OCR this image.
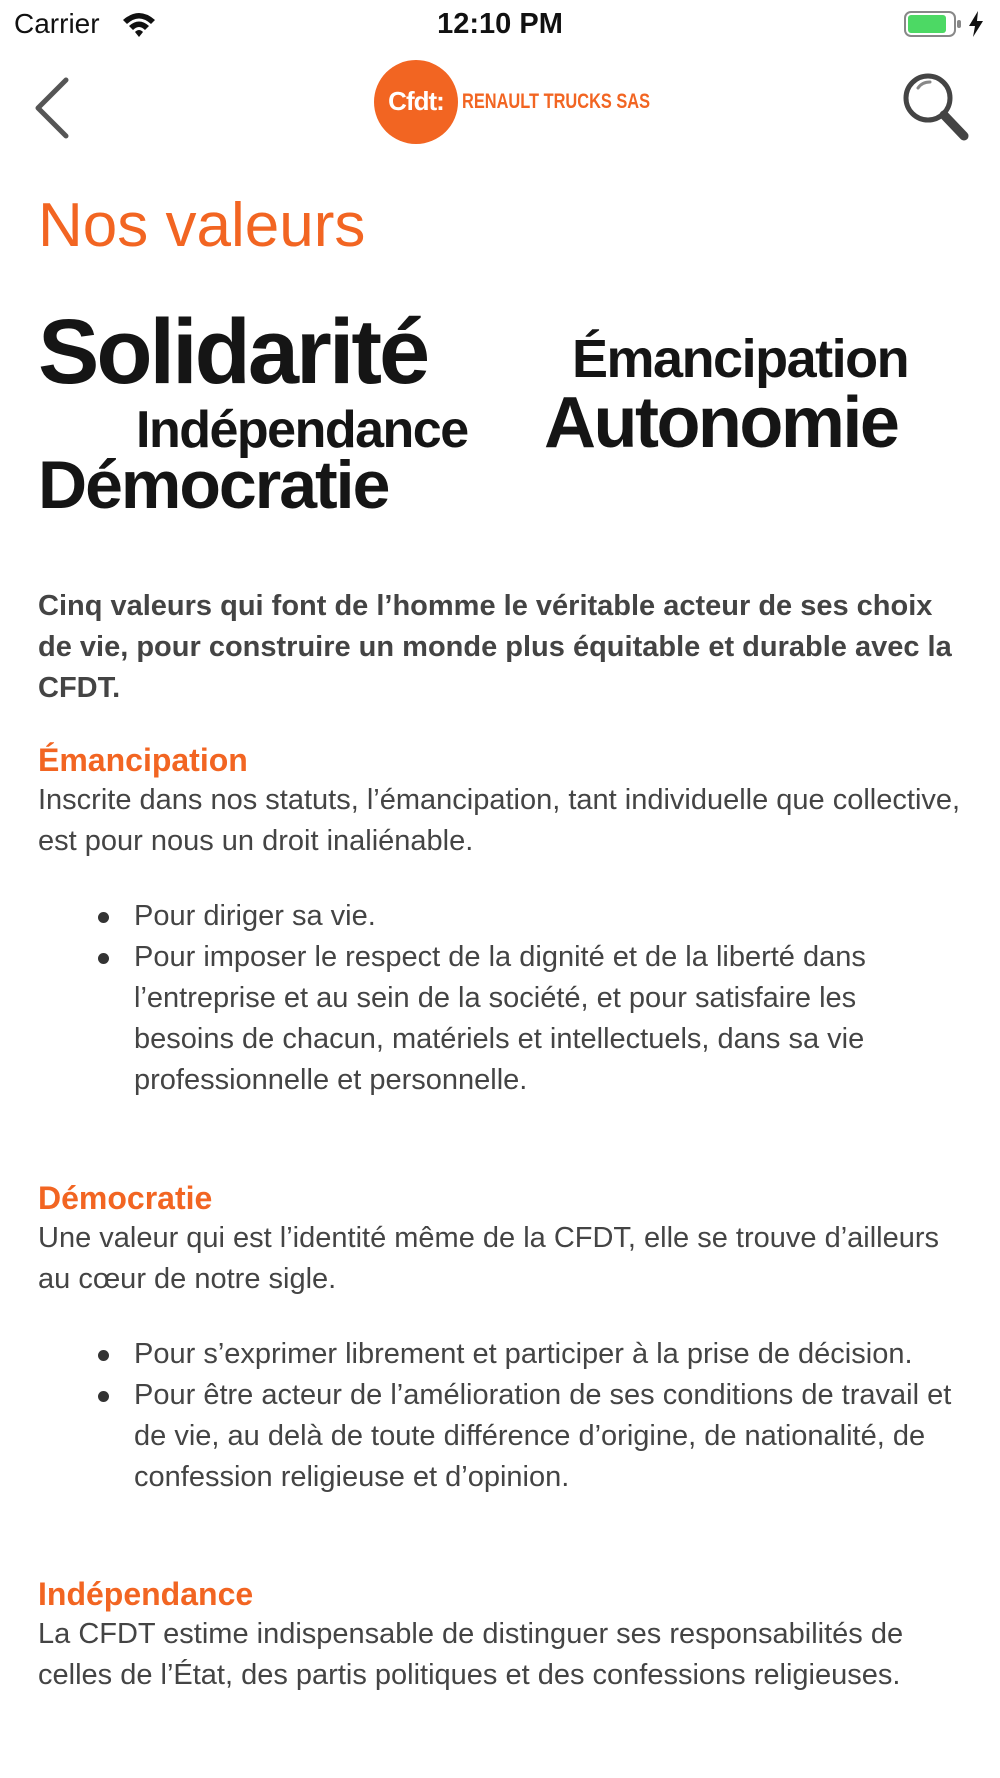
Carrier	12:10 PM
Cfdt: RENAULT TRUCKS SAS
Nos valeurs
Solidarité	Émancipation
Indépendance Autonomie
Démocratie

Cinq valeurs qui font de l’homme le véritable acteur de ses choix de vie, pour construire un monde plus équitable et durable avec la CFDT.

Émancipation

Inscrite dans nos statuts, l’émancipation, tant individuelle que collective, est pour nous un droit inaliénable.

Pour diriger sa vie.
Pour imposer le respect de la dignité et de la liberté dans l’entreprise et au sein de la société, et pour satisfaire les besoins de chacun, matériels et intellectuels, dans sa vie professionnelle et personnelle.
Démocratie

Une valeur qui est l’identité même de la CFDT, elle se trouve d’ailleurs au cœur de notre sigle.

Pour s’exprimer librement et participer à la prise de décision.
Pour être acteur de l’amélioration de ses conditions de travail et de vie, au delà de toute différence d’origine, de nationalité, de confession religieuse et d’opinion.
Indépendance

La CFDT estime indispensable de distinguer ses responsabilités de celles de l’État, des partis politiques et des confessions religieuses.
